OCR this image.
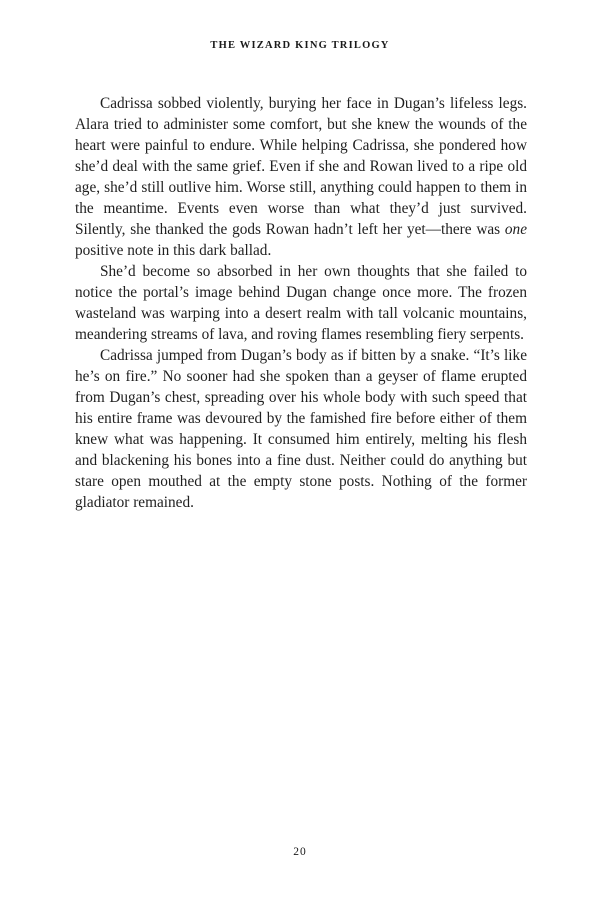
THE WIZARD KING TRILOGY

Cadrissa sobbed violently, burying her face in Dugan’s lifeless legs. Alara tried to administer some comfort, but she knew the wounds of the heart were painful to endure. While helping Cadrissa, she pondered how she’d deal with the same grief. Even if she and Rowan lived to a ripe old age, she’d still outlive him. Worse still, anything could happen to them in the meantime. Events even worse than what they’d just survived. Silently, she thanked the gods Rowan hadn’t left her yet—there was one positive note in this dark ballad.

She’d become so absorbed in her own thoughts that she failed to notice the portal’s image behind Dugan change once more. The frozen wasteland was warping into a desert realm with tall volcanic mountains, meandering streams of lava, and roving flames resembling fiery serpents.

Cadrissa jumped from Dugan’s body as if bitten by a snake. “It’s like he’s on fire.” No sooner had she spoken than a geyser of flame erupted from Dugan’s chest, spreading over his whole body with such speed that his entire frame was devoured by the famished fire before either of them knew what was happening. It consumed him entirely, melting his flesh and blackening his bones into a fine dust. Neither could do anything but stare open mouthed at the empty stone posts. Nothing of the former gladiator remained.

20
